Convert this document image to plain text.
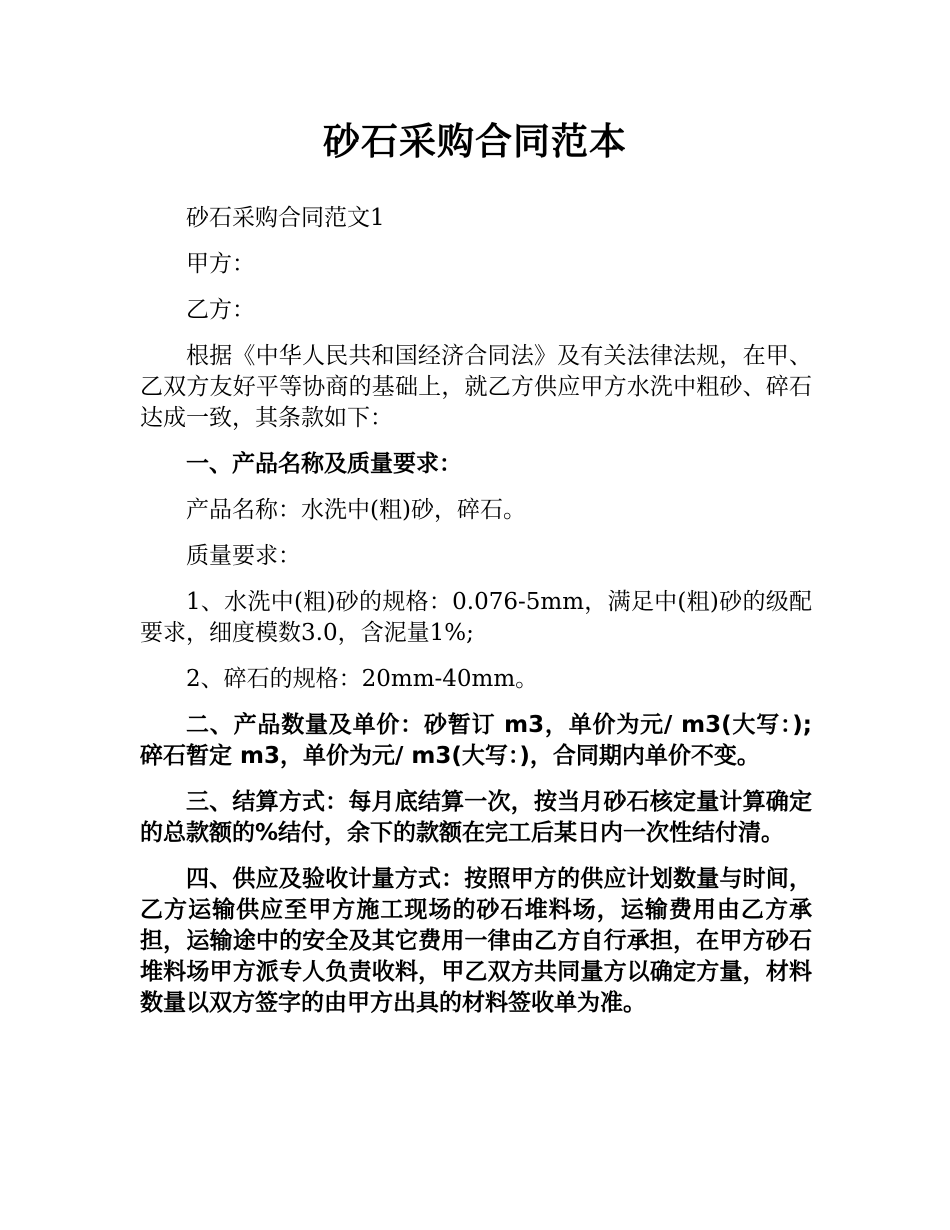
砂石采购合同范本

砂石采购合同范文1

甲方：

乙方：

根据《中华人民共和国经济合同法》及有关法律法规，在甲、乙双方友好平等协商的基础上，就乙方供应甲方水洗中粗砂、碎石达成一致，其条款如下：

一、产品名称及质量要求：

产品名称：水洗中(粗)砂，碎石。

质量要求：

1、水洗中(粗)砂的规格：0.076-5mm，满足中(粗)砂的级配要求，细度模数3.0，含泥量1%;

2、碎石的规格：20mm-40mm。

二、产品数量及单价：砂暂订 m3，单价为元/ m3(大写：);碎石暂定 m3，单价为元/ m3(大写：)，合同期内单价不变。

三、结算方式：每月底结算一次，按当月砂石核定量计算确定的总款额的%结付，余下的款额在完工后某日内一次性结付清。

四、供应及验收计量方式：按照甲方的供应计划数量与时间，乙方运输供应至甲方施工现场的砂石堆料场，运输费用由乙方承担，运输途中的安全及其它费用一律由乙方自行承担，在甲方砂石堆料场甲方派专人负责收料，甲乙双方共同量方以确定方量，材料数量以双方签字的由甲方出具的材料签收单为准。
